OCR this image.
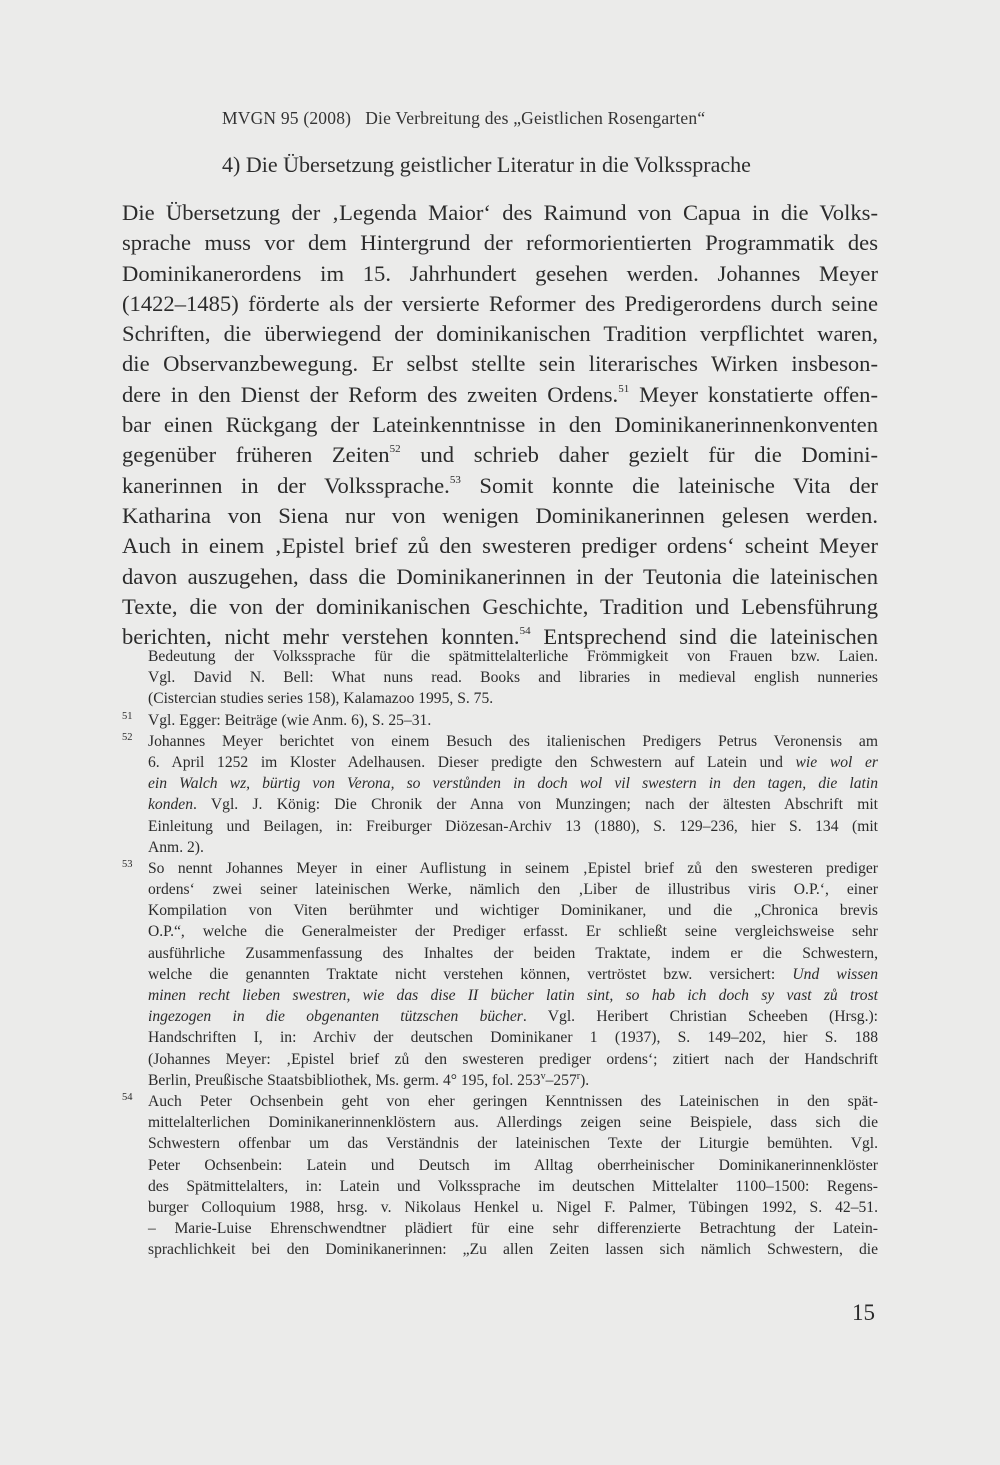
MVGN 95 (2008) Die Verbreitung des „Geistlichen Rosengarten“
4) Die Übersetzung geistlicher Literatur in die Volkssprache
Die Übersetzung der ‚Legenda Maior‘ des Raimund von Capua in die Volks-
sprache muss vor dem Hintergrund der reformorientierten Programmatik des
Dominikanerordens im 15. Jahrhundert gesehen werden. Johannes Meyer
(1422–1485) förderte als der versierte Reformer des Predigerordens durch seine
Schriften, die überwiegend der dominikanischen Tradition verpflichtet waren,
die Observanzbewegung. Er selbst stellte sein literarisches Wirken insbeson-
dere in den Dienst der Reform des zweiten Ordens.$^{51}$ Meyer konstatierte offen-
bar einen Rückgang der Lateinkenntnisse in den Dominikanerinnenkonventen
gegenüber früheren Zeiten$^{52}$ und schrieb daher gezielt für die Domini-
kanerinnen in der Volkssprache.$^{53}$ Somit konnte die lateinische Vita der
Katharina von Siena nur von wenigen Dominikanerinnen gelesen werden.
Auch in einem ‚Epistel brief zů den swesteren prediger ordens‘ scheint Meyer
davon auszugehen, dass die Dominikanerinnen in der Teutonia die lateinischen
Texte, die von der dominikanischen Geschichte, Tradition und Lebensführung
berichten, nicht mehr verstehen konnten.$^{54}$ Entsprechend sind die lateinischen
Bedeutung der Volkssprache für die spätmittelalterliche Frömmigkeit von Frauen bzw. Laien.
Vgl. David N. Bell: What nuns read. Books and libraries in medieval english nunneries
(Cistercian studies series 158), Kalamazoo 1995, S. 75.
51 Vgl. Egger: Beiträge (wie Anm. 6), S. 25–31.
52 Johannes Meyer berichtet von einem Besuch des italienischen Predigers Petrus Veronensis am
6. April 1252 im Kloster Adelhausen. Dieser predigte den Schwestern auf Latein und wie wol er
ein Walch wz, bürtig von Verona, so verstůnden in doch wol vil swestern in den tagen, die latin
konden. Vgl. J. König: Die Chronik der Anna von Munzingen; nach der ältesten Abschrift mit
Einleitung und Beilagen, in: Freiburger Diözesan-Archiv 13 (1880), S. 129–236, hier S. 134 (mit
Anm. 2).
53 So nennt Johannes Meyer in einer Auflistung in seinem ‚Epistel brief zů den swesteren prediger
ordens‘ zwei seiner lateinischen Werke, nämlich den ‚Liber de illustribus viris O.P.‘, einer
Kompilation von Viten berühmter und wichtiger Dominikaner, und die „Chronica brevis
O.P.“, welche die Generalmeister der Prediger erfasst. Er schließt seine vergleichsweise sehr
ausführliche Zusammenfassung des Inhaltes der beiden Traktate, indem er die Schwestern,
welche die genannten Traktate nicht verstehen können, vertröstet bzw. versichert: Und wissen
minen recht lieben swestren, wie das dise II bücher latin sint, so hab ich doch sy vast zů trost
ingezogen in die obgenanten tützschen bücher. Vgl. Heribert Christian Scheeben (Hrsg.):
Handschriften I, in: Archiv der deutschen Dominikaner 1 (1937), S. 149–202, hier S. 188
(Johannes Meyer: ‚Epistel brief zů den swesteren prediger ordens‘; zitiert nach der Handschrift
Berlin, Preußische Staatsbibliothek, Ms. germ. 4° 195, fol. 253$^v$–257$^r$).
54 Auch Peter Ochsenbein geht von eher geringen Kenntnissen des Lateinischen in den spät-
mittelalterlichen Dominikanerinnenklöstern aus. Allerdings zeigen seine Beispiele, dass sich die
Schwestern offenbar um das Verständnis der lateinischen Texte der Liturgie bemühten. Vgl.
Peter Ochsenbein: Latein und Deutsch im Alltag oberrheinischer Dominikanerinnenklöster
des Spätmittelalters, in: Latein und Volkssprache im deutschen Mittelalter 1100–1500: Regens-
burger Colloquium 1988, hrsg. v. Nikolaus Henkel u. Nigel F. Palmer, Tübingen 1992, S. 42–51.
– Marie-Luise Ehrenschwendtner plädiert für eine sehr differenzierte Betrachtung der Latein-
sprachlichkeit bei den Dominikanerinnen: „Zu allen Zeiten lassen sich nämlich Schwestern, die
15
